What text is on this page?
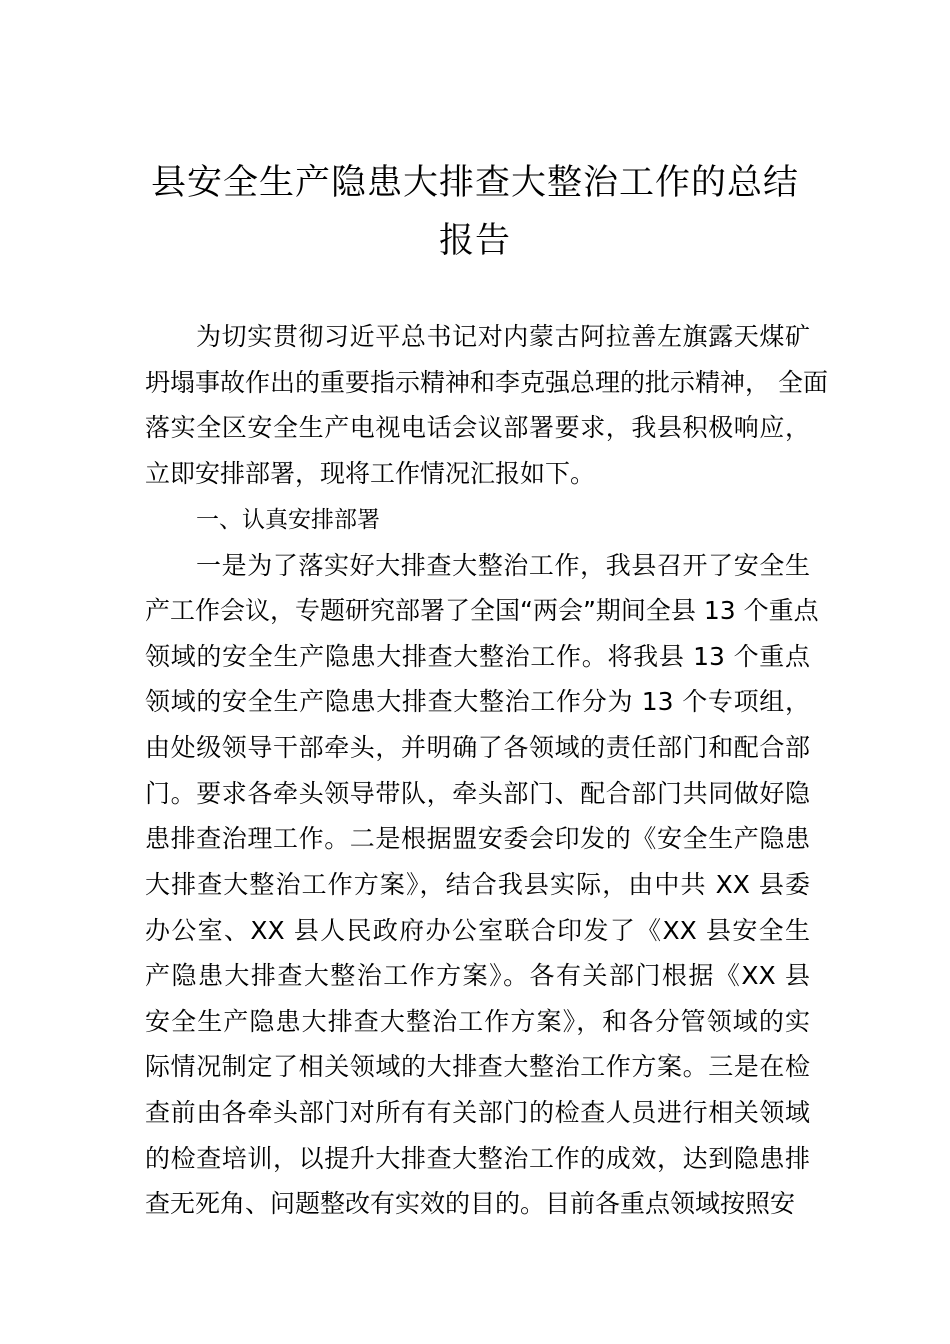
县安全生产隐患大排查大整治工作的总结
报告
为切实贯彻习近平总书记对内蒙古阿拉善左旗露天煤矿
坍塌事故作出的重要指示精神和李克强总理的批示精神， 全面
落实全区安全生产电视电话会议部署要求，我县积极响应，
立即安排部署，现将工作情况汇报如下。
一、认真安排部署
一是为了落实好大排查大整治工作，我县召开了安全生
产工作会议，专题研究部署了全国“两会”期间全县 13 个重点
领域的安全生产隐患大排查大整治工作。将我县 13 个重点
领域的安全生产隐患大排查大整治工作分为 13 个专项组，
由处级领导干部牵头，并明确了各领域的责任部门和配合部
门。要求各牵头领导带队，牵头部门、配合部门共同做好隐
患排查治理工作。二是根据盟安委会印发的《安全生产隐患
大排查大整治工作方案》，结合我县实际，由中共 XX 县委
办公室、XX 县人民政府办公室联合印发了《XX 县安全生
产隐患大排查大整治工作方案》。各有关部门根据《XX 县
安全生产隐患大排查大整治工作方案》，和各分管领域的实
际情况制定了相关领域的大排查大整治工作方案。三是在检
查前由各牵头部门对所有有关部门的检查人员进行相关领域
的检查培训，以提升大排查大整治工作的成效，达到隐患排
查无死角、问题整改有实效的目的。目前各重点领域按照安
